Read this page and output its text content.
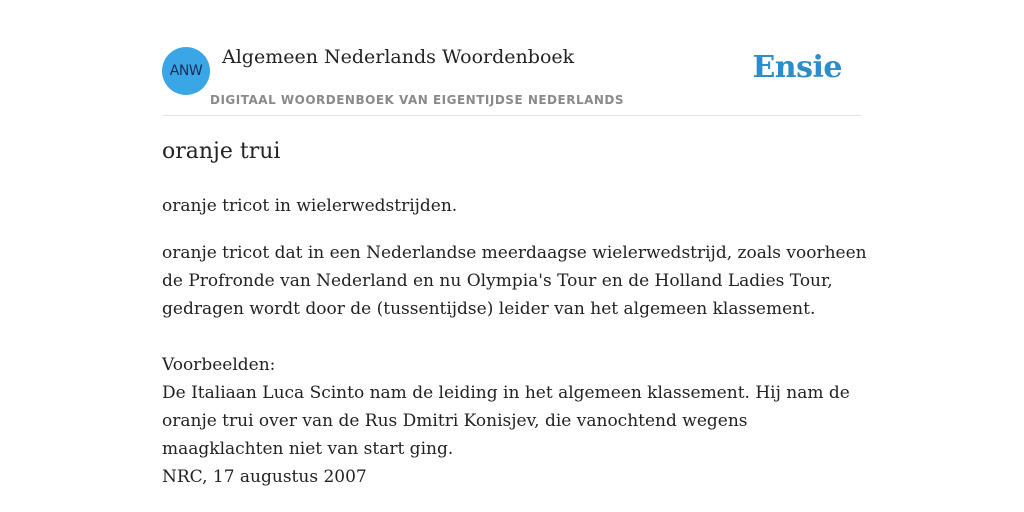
ANW
Algemeen Nederlands Woordenboek
DIGITAAL WOORDENBOEK VAN EIGENTIJDSE NEDERLANDS
Ensie
oranje trui
oranje tricot in wielerwedstrijden.
oranje tricot dat in een Nederlandse meerdaagse wielerwedstrijd, zoals voorheen
de Profronde van Nederland en nu Olympia's Tour en de Holland Ladies Tour,
gedragen wordt door de (tussentijdse) leider van het algemeen klassement.
Voorbeelden:
De Italiaan Luca Scinto nam de leiding in het algemeen klassement. Hij nam de
oranje trui over van de Rus Dmitri Konisjev, die vanochtend wegens
maagklachten niet van start ging.
NRC, 17 augustus 2007
